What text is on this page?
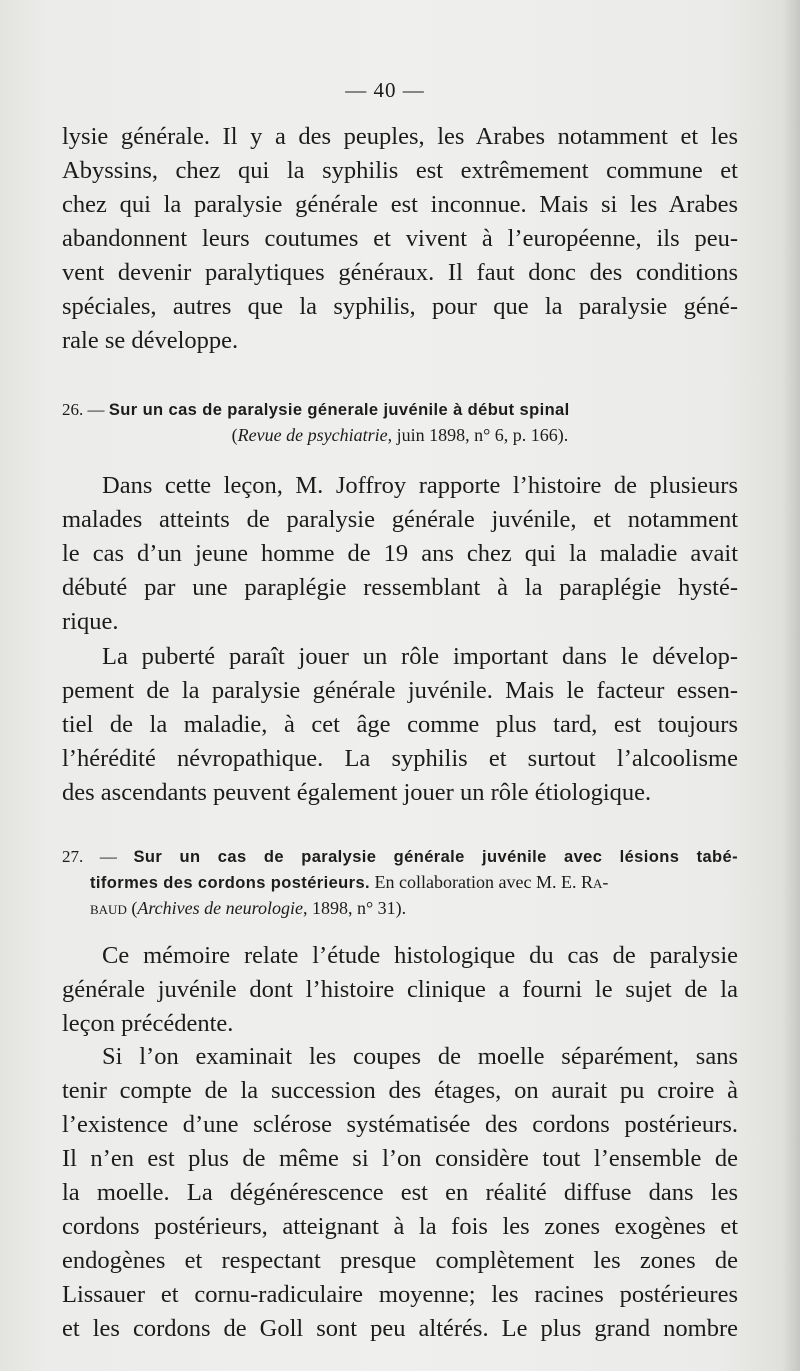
— 40 —
lysie générale. Il y a des peuples, les Arabes notamment et les
Abyssins, chez qui la syphilis est extrêmement commune et
chez qui la paralysie générale est inconnue. Mais si les Arabes
abandonnent leurs coutumes et vivent à l’européenne, ils peu-
vent devenir paralytiques généraux. Il faut donc des conditions
spéciales, autres que la syphilis, pour que la paralysie géné-
rale se développe.
26. — Sur un cas de paralysie génerale juvénile à début spinal
(Revue de psychiatrie, juin 1898, n° 6, p. 166).
Dans cette leçon, M. Joffroy rapporte l’histoire de plusieurs
malades atteints de paralysie générale juvénile, et notamment
le cas d’un jeune homme de 19 ans chez qui la maladie avait
débuté par une paraplégie ressemblant à la paraplégie hysté-
rique.
La puberté paraît jouer un rôle important dans le dévelop-
pement de la paralysie générale juvénile. Mais le facteur essen-
tiel de la maladie, à cet âge comme plus tard, est toujours
l’hérédité névropathique. La syphilis et surtout l’alcoolisme
des ascendants peuvent également jouer un rôle étiologique.
27. — Sur un cas de paralysie générale juvénile avec lésions tabé-
tiformes des cordons postérieurs. En collaboration avec M. E. Ra-
baud (Archives de neurologie, 1898, n° 31).
Ce mémoire relate l’étude histologique du cas de paralysie
générale juvénile dont l’histoire clinique a fourni le sujet de la
leçon précédente.
Si l’on examinait les coupes de moelle séparément, sans
tenir compte de la succession des étages, on aurait pu croire à
l’existence d’une sclérose systématisée des cordons postérieurs.
Il n’en est plus de même si l’on considère tout l’ensemble de
la moelle. La dégénérescence est en réalité diffuse dans les
cordons postérieurs, atteignant à la fois les zones exogènes et
endogènes et respectant presque complètement les zones de
Lissauer et cornu-radiculaire moyenne; les racines postérieures
et les cordons de Goll sont peu altérés. Le plus grand nombre
